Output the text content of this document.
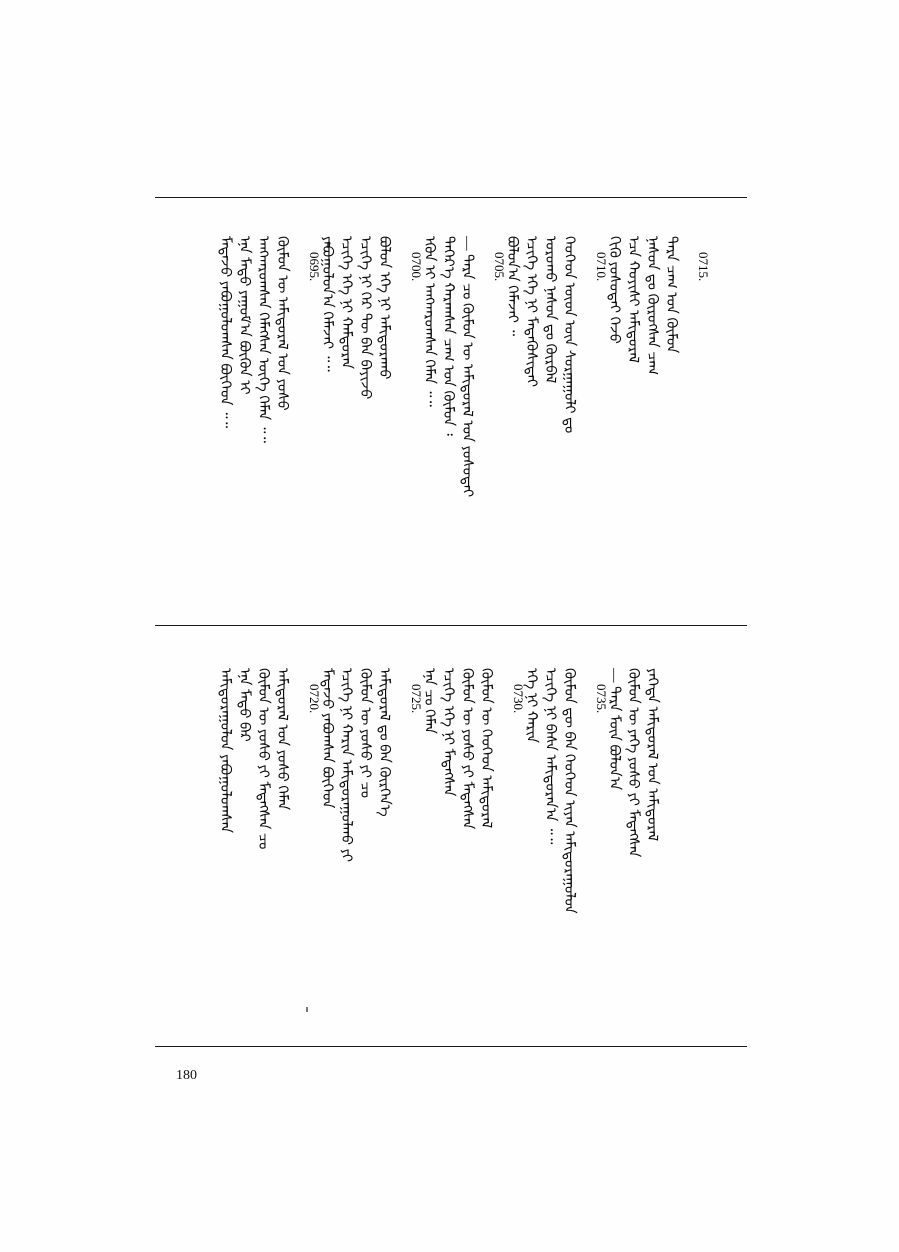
0715.
ᠲᠡᠷᠡ ᠴᠠᠭ ᠤᠨ ᠬᠦᠮᠦᠨ
ᠨᠠᠰᠤᠨ ᠳᠤ ᠬᠦᠷᠦᠭᠰᠡᠨ ᠴᠠᠭ
ᠡᠴᠡ ᠬᠣᠶᠢᠰᠢ ᠠᠮᠢᠳᠤᠷᠠᠯ
ᠬᠢᠬᠦ ᠶᠣᠰᠣᠲᠠᠢ ᠭᠡᠵᠦ
0710.
ᠬᠡᠦᠬᠡᠳ ᠦᠳ ᠦᠨ ᠰᠤᠷᠭᠠᠭᠤᠯᠢ ᠳᠤ
ᠣᠷᠣᠬᠤ ᠨᠠᠰᠤᠨ ᠳᠤ ᠬᠦᠷᠪᠡᠯ
ᠡᠴᠢᠭᠡ ᠡᠬᠡ ᠨᠢ ᠮᠡᠳᠡᠭᠦᠰᠢᠲᠡᠢ
ᠪᠣᠯᠤᠨ᠎ᠠ ᠬᠡᠮᠡᠵᠡᠢ ᠃
0705.
— ᠲᠡᠷᠡ ᠴᠤ ᠬᠦᠮᠦᠨ ᠦ ᠠᠮᠢᠳᠤᠷᠠᠯ ᠤᠨ ᠶᠣᠰᠣᠲᠠᠢ
ᠳᠡᠭᠡᠷ᠎ᠡ ᠬᠠᠷᠠᠭᠰᠠᠨ ᠴᠠᠭ ᠤᠨ ᠬᠦᠮᠦᠨ ᠄
ᠡᠭᠦᠨ ᠢ ᠠᠩᠬᠠᠷᠤᠭᠰᠠᠨ ᠬᠡᠮᠡᠨ ᠃᠃
0700.
ᠪᠣᠯᠤᠨ ᠡᠬᠡ ᠨᠢ ᠠᠮᠢᠳᠤᠷᠠᠬᠤ
ᠡᠴᠢᠭᠡ ᠨᠢ ᠭᠡᠷ ᠲᠦ ᠪᠡᠨ ᠪᠠᠶᠢᠵᠤ
ᠡᠴᠢᠭᠡ ᠡᠬᠡ ᠨᠢ ᠬᠠᠮᠲᠤᠷᠠᠨ
ᠶᠠᠪᠤᠭᠤᠯᠤᠨ᠎ᠠ ᠬᠡᠮᠡᠵᠡᠢ ᠃᠃
0695.
ᠬᠦᠮᠦᠨ ᠦ ᠠᠮᠢᠳᠤᠷᠠᠯ ᠤᠨ ᠶᠣᠰᠤ
ᠠᠩᠬᠠᠷᠤᠭᠰᠠᠨ ᠬᠡᠮᠡᠭᠰᠡᠨ ᠦᠭᠡ ᠬᠡᠮᠡᠨ ᠃᠃
ᠡᠨᠡ ᠮᠡᠲᠦ ᠶᠠᠭᠤᠮ᠎ᠠ ᠪᠦᠬᠦᠨ ᠢ
ᠮᠡᠳᠡᠵᠦ ᠶᠠᠪᠤᠭᠤᠯᠤᠭᠰᠠᠨ ᠪᠦᠭᠡᠳ ᠃᠃
ᠶᠡᠬᠡᠳᠡ ᠠᠮᠢᠳᠤᠷᠠᠯ ᠤᠨ ᠠᠮᠢᠳᠤᠷᠠᠯ
ᠬᠦᠮᠦᠨ ᠦ ᠶᠡᠬᠡ ᠶᠣᠰᠣ ᠶᠢ ᠮᠡᠳᠡᠭᠰᠡᠨ
— ᠲᠡᠷᠡ ᠮᠥᠨ ᠪᠣᠯᠤᠨ᠎ᠠ
0735.
ᠬᠦᠮᠦᠨ ᠳᠦ ᠪᠡᠨ ᠬᠡᠦᠬᠡᠳ ᠢᠶᠡᠨ ᠠᠮᠢᠳᠤᠷᠠᠭᠤᠯᠤᠨ
ᠡᠴᠢᠭᠡ ᠨᠢ ᠪᠠᠰᠠ ᠠᠮᠢᠳᠤᠷᠠᠨ᠎ᠠ ᠃᠃
ᠡᠬᠡ ᠨᠢ ᠬᠠᠷᠢᠨ
0730.
ᠬᠦᠮᠦᠨ ᠦ ᠬᠡᠦᠬᠡᠳ ᠠᠮᠢᠳᠤᠷᠠᠯ
ᠬᠦᠮᠦᠨ ᠦ ᠶᠣᠰᠤ ᠶᠢ ᠮᠡᠳᠡᠭᠰᠡᠨ
ᠡᠴᠢᠭᠡ ᠡᠬᠡ ᠨᠢ ᠮᠡᠳᠡᠭᠰᠡᠨ
ᠡᠨᠡ ᠴᠤ ᠬᠡᠮᠡᠨ
0725.
ᠠᠮᠢᠳᠤᠷᠠᠯ ᠳᠤ ᠪᠠᠨ ᠬᠦᠷᠭᠡᠨ᠎ᠡ
ᠬᠦᠮᠦᠨ ᠦ ᠶᠣᠰᠤ ᠶᠢ ᠴᠤ
ᠡᠴᠢᠭᠡ ᠨᠢ ᠬᠠᠷᠢᠨ ᠠᠮᠢᠳᠤᠷᠠᠭᠤᠯᠬᠤ ᠶᠢ
ᠮᠡᠳᠡᠵᠦ ᠶᠠᠪᠤᠭᠰᠠᠨ ᠪᠦᠭᠡᠳ
0720.
ᠠᠮᠢᠳᠤᠷᠠᠯ ᠤᠨ ᠶᠣᠰᠤ ᠬᠡᠮᠡᠨ
ᠬᠦᠮᠦᠨ ᠦ ᠶᠣᠰᠤ ᠶᠢ ᠮᠡᠳᠡᠭᠰᠡᠨ ᠴᠤ
ᠡᠨᠡ ᠮᠡᠲᠦ ᠪᠡᠷ
ᠠᠮᠢᠳᠤᠷᠠᠭᠤᠯᠤᠨ ᠶᠠᠪᠤᠭᠤᠯᠤᠭᠰᠠᠨ
180
